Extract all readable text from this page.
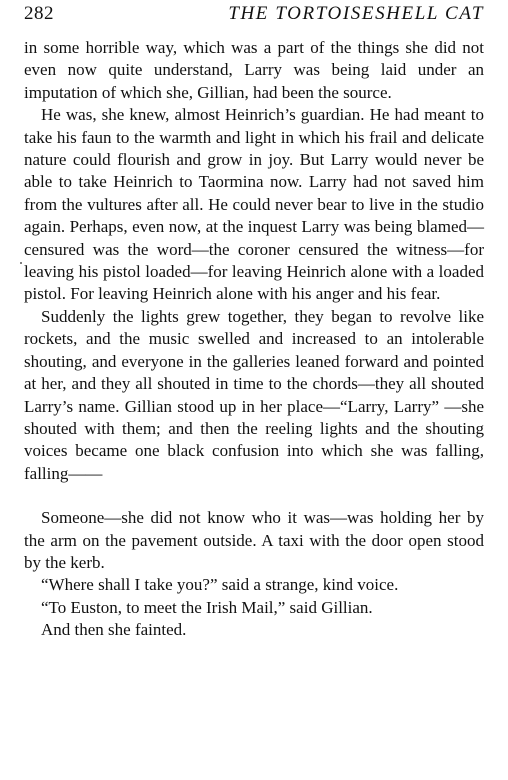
282	THE TORTOISESHELL CAT

in some horrible way, which was a part of the things she did not even now quite understand, Larry was being laid under an imputation of which she, Gillian, had been the source.

He was, she knew, almost Heinrich’s guardian. He had meant to take his faun to the warmth and light in which his frail and delicate nature could flourish and grow in joy. But Larry would never be able to take Heinrich to Taormina now. Larry had not saved him from the vultures after all. He could never bear to live in the studio again. Perhaps, even now, at the inquest Larry was being blamed—censured was the word—the coroner censured the witness—for leaving his pistol loaded—for leaving Heinrich alone with a loaded pistol. For leaving Heinrich alone with his anger and his fear.

Suddenly the lights grew together, they began to revolve like rockets, and the music swelled and increased to an intolerable shouting, and everyone in the galleries leaned forward and pointed at her, and they all shouted in time to the chords—they all shouted Larry’s name. Gillian stood up in her place—“Larry, Larry” —she shouted with them; and then the reeling lights and the shouting voices became one black confusion into which she was falling, falling——

Someone—she did not know who it was—was holding her by the arm on the pavement outside. A taxi with the door open stood by the kerb.

“Where shall I take you?” said a strange, kind voice.

“To Euston, to meet the Irish Mail,” said Gillian.

And then she fainted.
